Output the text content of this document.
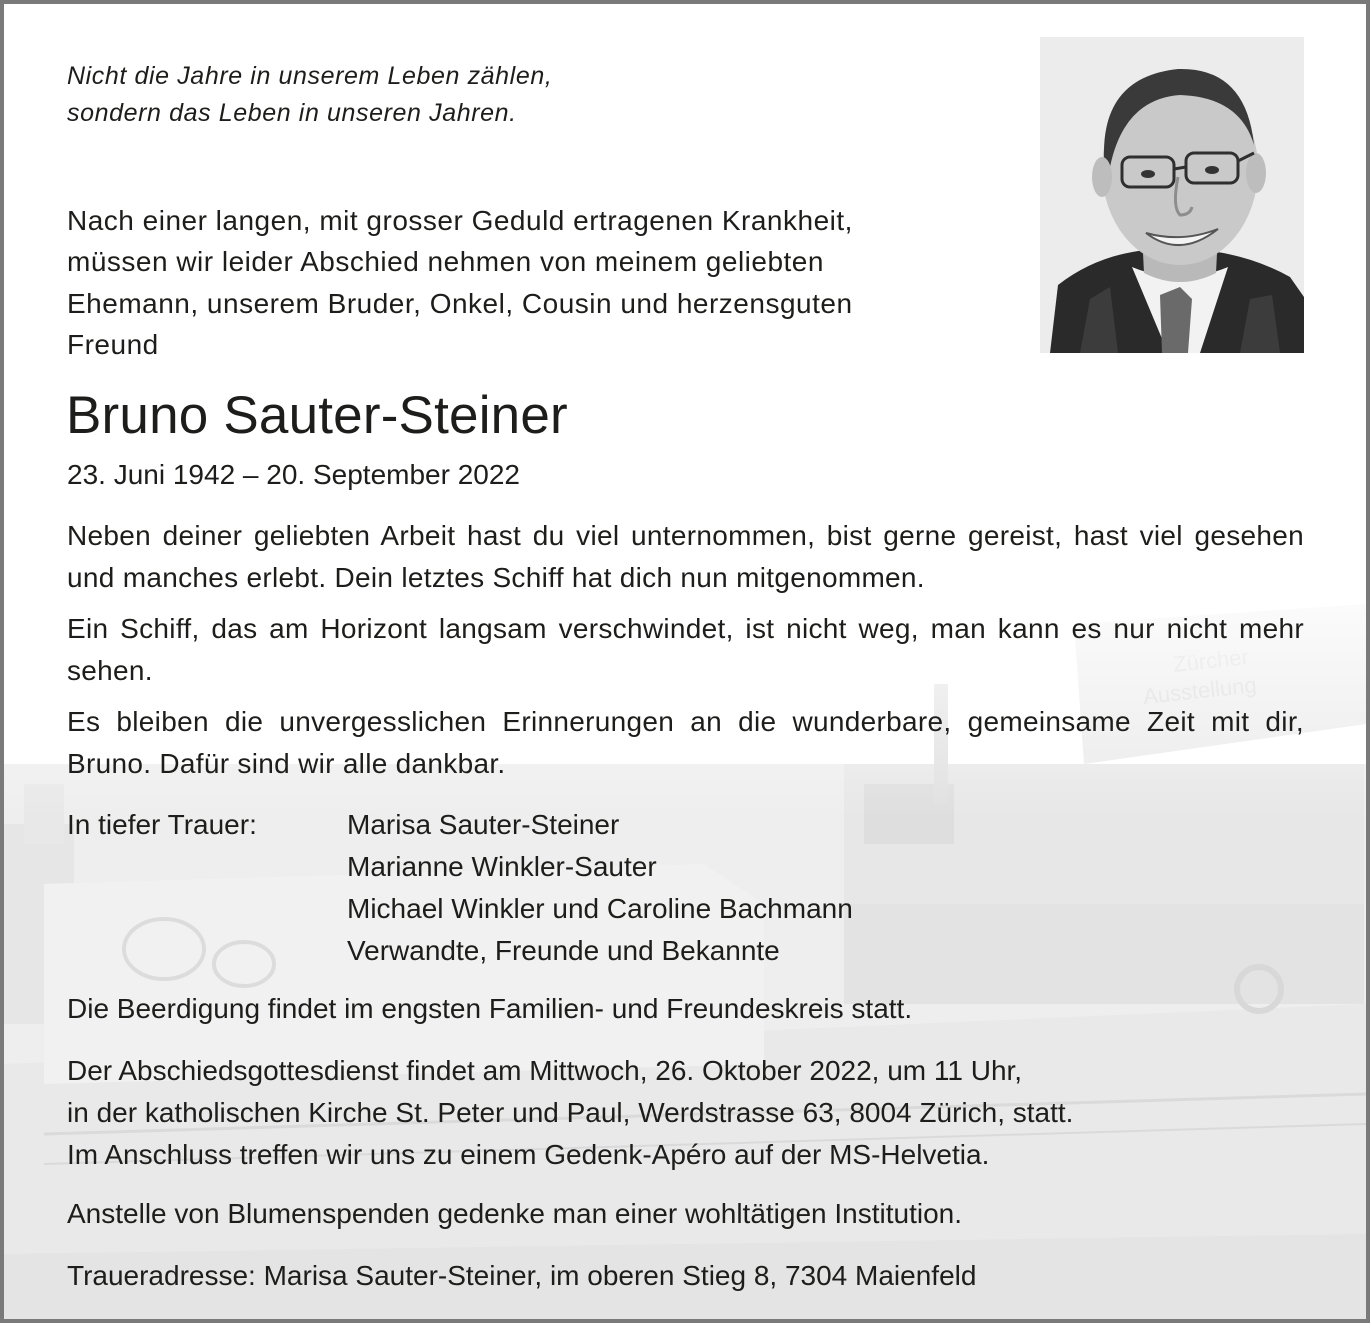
Nicht die Jahre in unserem Leben zählen,
sondern das Leben in unseren Jahren.
Nach einer langen, mit grosser Geduld ertragenen Krankheit,
müssen wir leider Abschied nehmen von meinem geliebten
Ehemann, unserem Bruder, Onkel, Cousin und herzensguten
Freund
Bruno Sauter-Steiner
23. Juni 1942 – 20. September 2022
Neben deiner geliebten Arbeit hast du viel unternommen, bist gerne gereist, hast viel gesehen und manches erlebt. Dein letztes Schiff hat dich nun mitgenommen.
Ein Schiff, das am Horizont langsam verschwindet, ist nicht weg, man kann es nur nicht mehr sehen.
Es bleiben die unvergesslichen Erinnerungen an die wunderbare, gemeinsame Zeit mit dir, Bruno. Dafür sind wir alle dankbar.
In tiefer Trauer:	Marisa Sauter-Steiner
Marianne Winkler-Sauter
Michael Winkler und Caroline Bachmann
Verwandte, Freunde und Bekannte
Die Beerdigung findet im engsten Familien- und Freundeskreis statt.
Der Abschiedsgottesdienst findet am Mittwoch, 26. Oktober 2022, um 11 Uhr,
in der katholischen Kirche St. Peter und Paul, Werdstrasse 63, 8004 Zürich, statt.
Im Anschluss treffen wir uns zu einem Gedenk-Apéro auf der MS-Helvetia.
Anstelle von Blumenspenden gedenke man einer wohltätigen Institution.
Traueradresse: Marisa Sauter-Steiner, im oberen Stieg 8, 7304 Maienfeld
